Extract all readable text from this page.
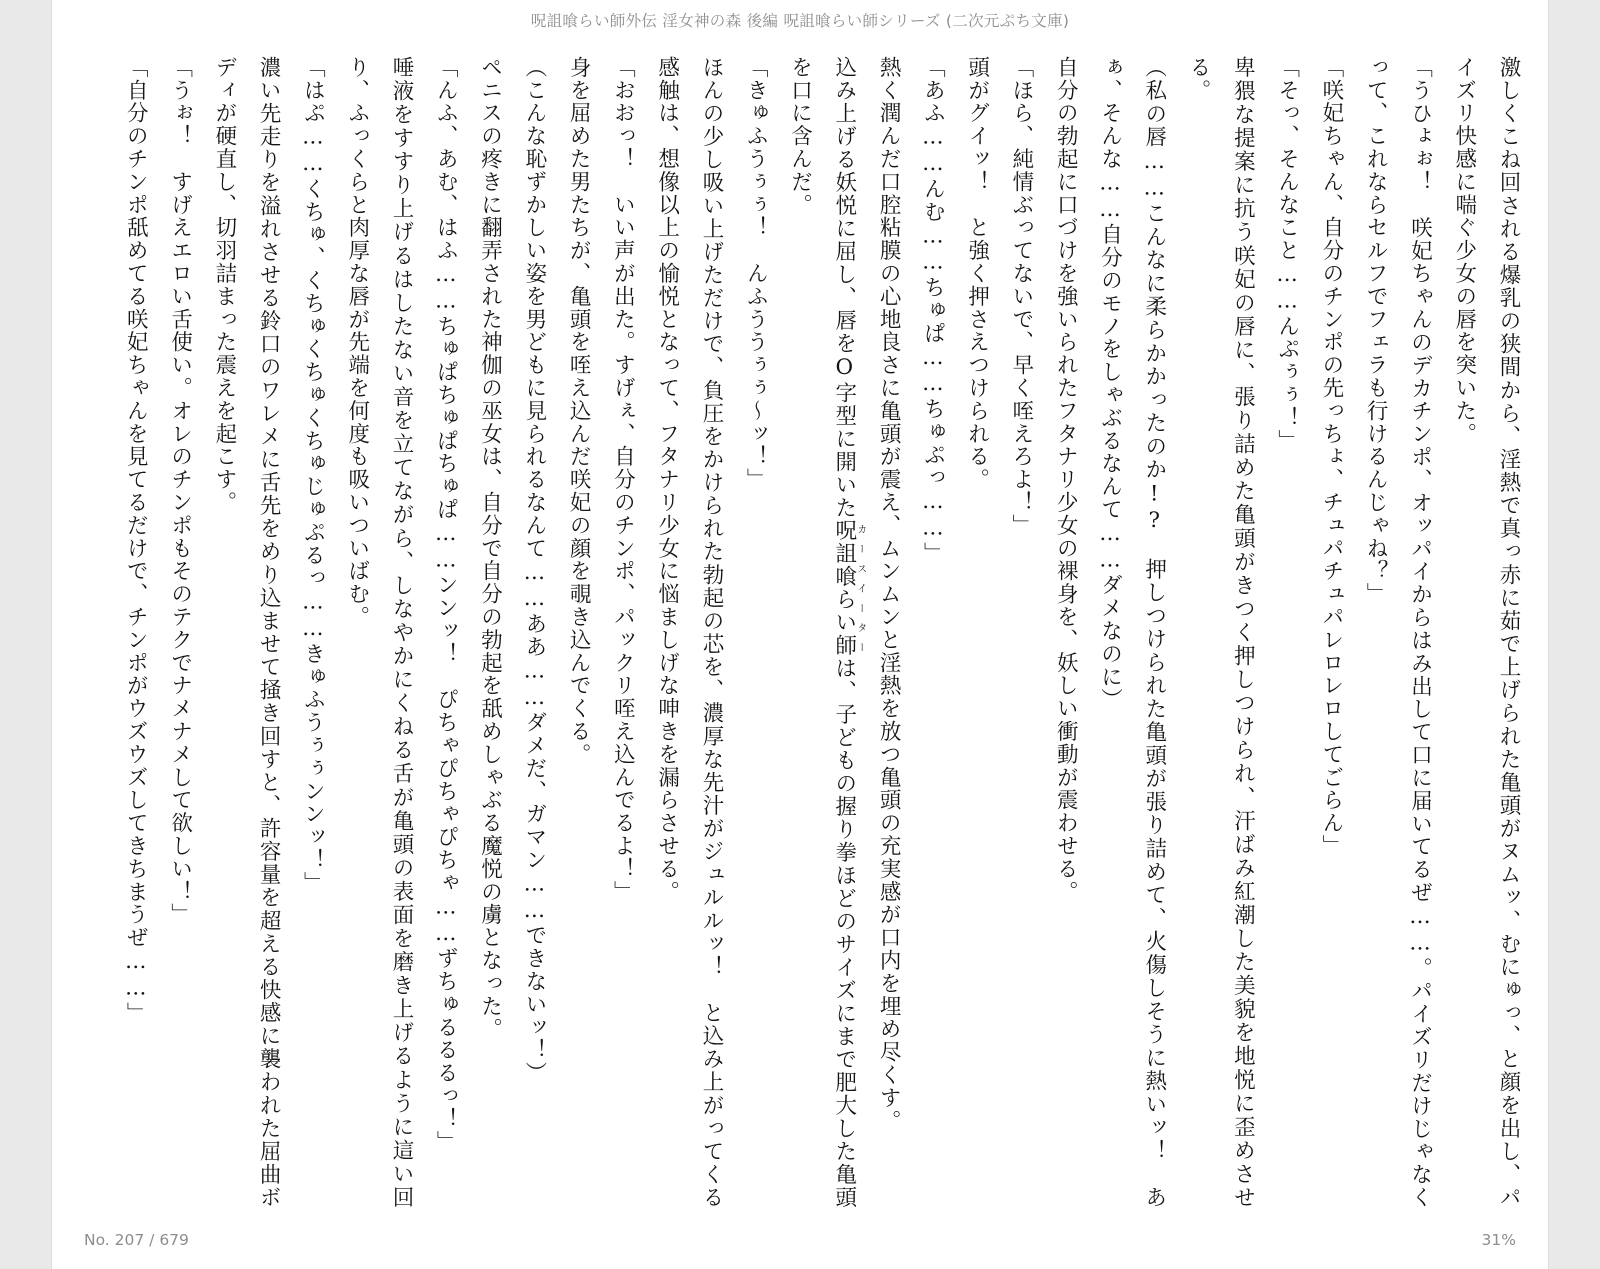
呪詛喰らい師外伝 淫女神の森 後編 呪詛喰らい師シリーズ (二次元ぷち文庫)

激しくこね回される爆乳の狭間から、淫熱で真っ赤に茹で上げられた亀頭がヌムッ、むにゅっ、と顔を出し、パイズリ快感に喘ぐ少女の唇を突いた。

「うひょぉ！　咲妃ちゃんのデカチンポ、オッパイからはみ出して口に届いてるぜ……。パイズリだけじゃなくって、これならセルフでフェラも行けるんじゃね？」

「咲妃ちゃん、自分のチンポの先っちょ、チュパチュパレロレロしてごらん」

「そっ、そんなこと……んぷぅぅ！」

卑猥な提案に抗う咲妃の唇に、張り詰めた亀頭がきつく押しつけられ、汗ばみ紅潮した美貌を地悦に歪めさせる。

（私の唇……こんなに柔らかかったのか!?　押しつけられた亀頭が張り詰めて、火傷しそうに熱いッ！　あぁ、そんな……自分のモノをしゃぶるなんて……ダメなのに）

自分の勃起に口づけを強いられたフタナリ少女の裸身を、妖しい衝動が震わせる。

「ほら、純情ぶってないで、早く咥えろよ！」

頭がグイッ！　と強く押さえつけられる。

「あふ……んむ……ちゅぱ……ちゅぷっ……」

熱く潤んだ口腔粘膜の心地良さに亀頭が震え、ムンムンと淫熱を放つ亀頭の充実感が口内を埋め尽くす。

込み上げる妖悦に屈し、唇をO字型に開いた呪詛喰らい師カースイーターは、子どもの握り拳ほどのサイズにまで肥大した亀頭を口に含んだ。

「きゅふうぅぅ！　んふううぅぅ～ッ！」

ほんの少し吸い上げただけで、負圧をかけられた勃起の芯を、濃厚な先汁がジュルルッ！　と込み上がってくる感触は、想像以上の愉悦となって、フタナリ少女に悩ましげな呻きを漏らさせる。

「おおっ！　いい声が出た。すげぇ、自分のチンポ、パックリ咥え込んでるよ！」

身を屈めた男たちが、亀頭を咥え込んだ咲妃の顔を覗き込んでくる。

（こんな恥ずかしい姿を男どもに見られるなんて……ああ……ダメだ、ガマン……できないッ！）

ペニスの疼きに翻弄された神伽の巫女は、自分で自分の勃起を舐めしゃぶる魔悦の虜となった。

「んふ、あむ、はふ……ちゅぱちゅぱちゅぱ……ンンッ！　ぴちゃぴちゃぴちゃ……ずちゅるるるっ！」

唾液をすすり上げるはしたない音を立てながら、しなやかにくねる舌が亀頭の表面を磨き上げるように這い回り、ふっくらと肉厚な唇が先端を何度も吸いついばむ。

「はぷ……くちゅ、くちゅくちゅくちゅじゅぷるっ……きゅふうぅぅンンッ！」

濃い先走りを溢れさせる鈴口のワレメに舌先をめり込ませて掻き回すと、許容量を超える快感に襲われた屈曲ボディが硬直し、切羽詰まった震えを起こす。

「うぉ！　すげえエロい舌使い。オレのチンポもそのテクでナメナメして欲しい！」

「自分のチンポ舐めてる咲妃ちゃんを見てるだけで、チンポがウズウズしてきちまうぜ……」

No. 207 / 679	31%
